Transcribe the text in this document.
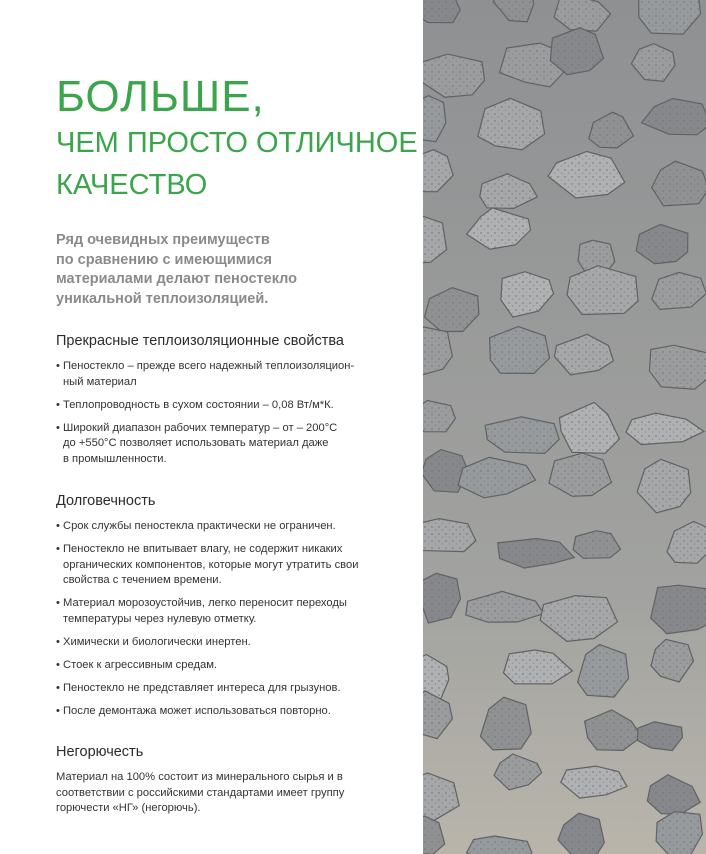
БОЛЬШЕ,
ЧЕМ ПРОСТО ОТЛИЧНОЕ
КАЧЕСТВО
Ряд очевидных преимуществ
по сравнению с имеющимися
материалами делают пеностекло
уникальной теплоизоляцией.
Прекрасные теплоизоляционные свойства
• Пеностекло – прежде всего надежный теплоизоляцион-
ный материал
• Теплопроводность в сухом состоянии – 0,08 Вт/м*К.
• Широкий диапазон рабочих температур – от – 200°С
до +550°С позволяет использовать материал даже
в промышленности.
Долговечность
• Срок службы пеностекла практически не ограничен.
• Пеностекло не впитывает влагу, не содержит никаких
органических компонентов, которые могут утратить свои
свойства с течением времени.
• Материал морозоустойчив, легко переносит переходы
температуры через нулевую отметку.
• Химически и биологически инертен.
• Стоек к агрессивным средам.
• Пеностекло не представляет интереса для грызунов.
• После демонтажа может использоваться повторно.
Негорючесть
Материал на 100% состоит из минерального сырья и в
соответствии с российскими стандартами имеет группу
горючести «НГ» (негорючь).
